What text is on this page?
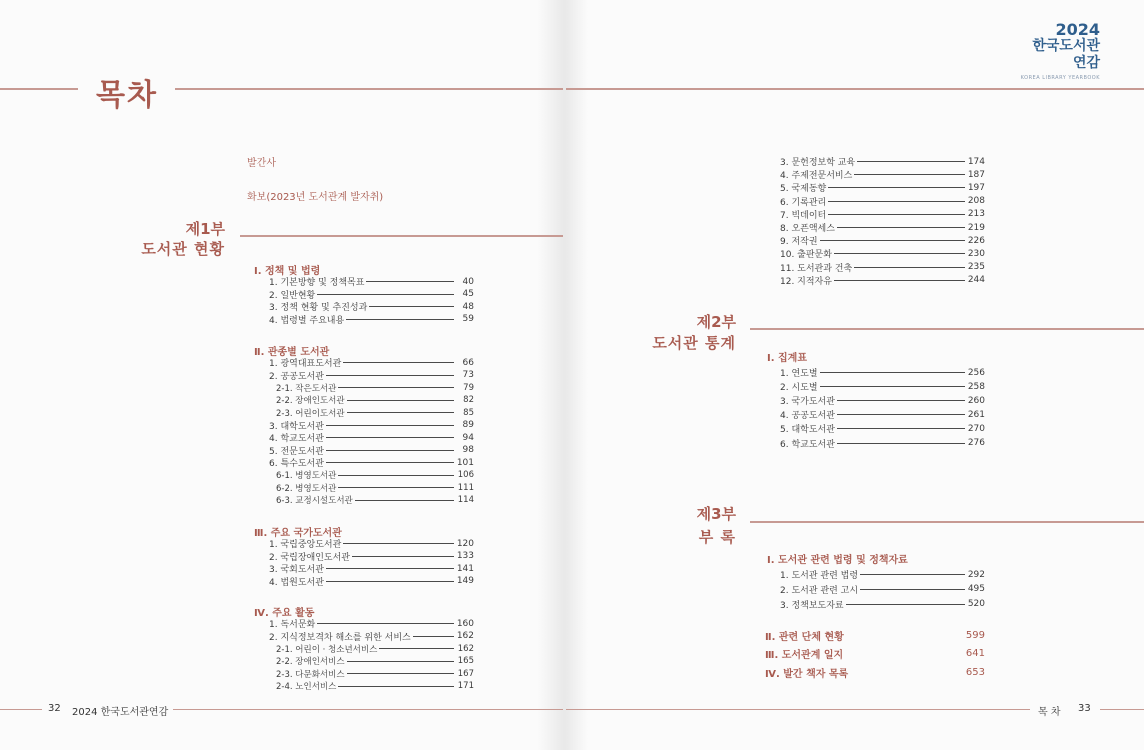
목차
발간사
화보(2023년 도서관계 발자취)
제1부
도서관 현황
Ⅰ. 정책 및 법령
1. 기본방향 및 정책목표	40
2. 일반현황	45
3. 정책 현황 및 추진성과	48
4. 법령별 주요내용	59
Ⅱ. 관종별 도서관
1. 광역대표도서관	66
2. 공공도서관	73
2-1. 작은도서관	79
2-2. 장애인도서관	82
2-3. 어린이도서관	85
3. 대학도서관	89
4. 학교도서관	94
5. 전문도서관	98
6. 특수도서관	101
6-1. 병영도서관	106
6-2. 병영도서관	111
6-3. 교정시설도서관	114
Ⅲ. 주요 국가도서관
1. 국립중앙도서관	120
2. 국립장애인도서관	133
3. 국회도서관	141
4. 법원도서관	149
Ⅳ. 주요 활동
1. 독서문화	160
2. 지식정보격차 해소를 위한 서비스	162
2-1. 어린이 · 청소년서비스	162
2-2. 장애인서비스	165
2-3. 다문화서비스	167
2-4. 노인서비스	171
32 2024 한국도서관연감
2024
한국도서관
연감
KOREA LIBRARY YEARBOOK
3. 문헌정보학 교육	174
4. 주제전문서비스	187
5. 국제동향	197
6. 기록관리	208
7. 빅데이터	213
8. 오픈액세스	219
9. 저작권	226
10. 출판문화	230
11. 도서관과 건축	235
12. 지적자유	244
제2부
도서관 통계
Ⅰ. 집계표
1. 연도별	256
2. 시도별	258
3. 국가도서관	260
4. 공공도서관	261
5. 대학도서관	270
6. 학교도서관	276
제3부
부 록
Ⅰ. 도서관 관련 법령 및 정책자료
1. 도서관 관련 법령	292
2. 도서관 관련 고시	495
3. 정책보도자료	520
Ⅱ. 관련 단체 현황	599
Ⅲ. 도서관계 일지	641
Ⅳ. 발간 책자 목록	653
목 차 33
